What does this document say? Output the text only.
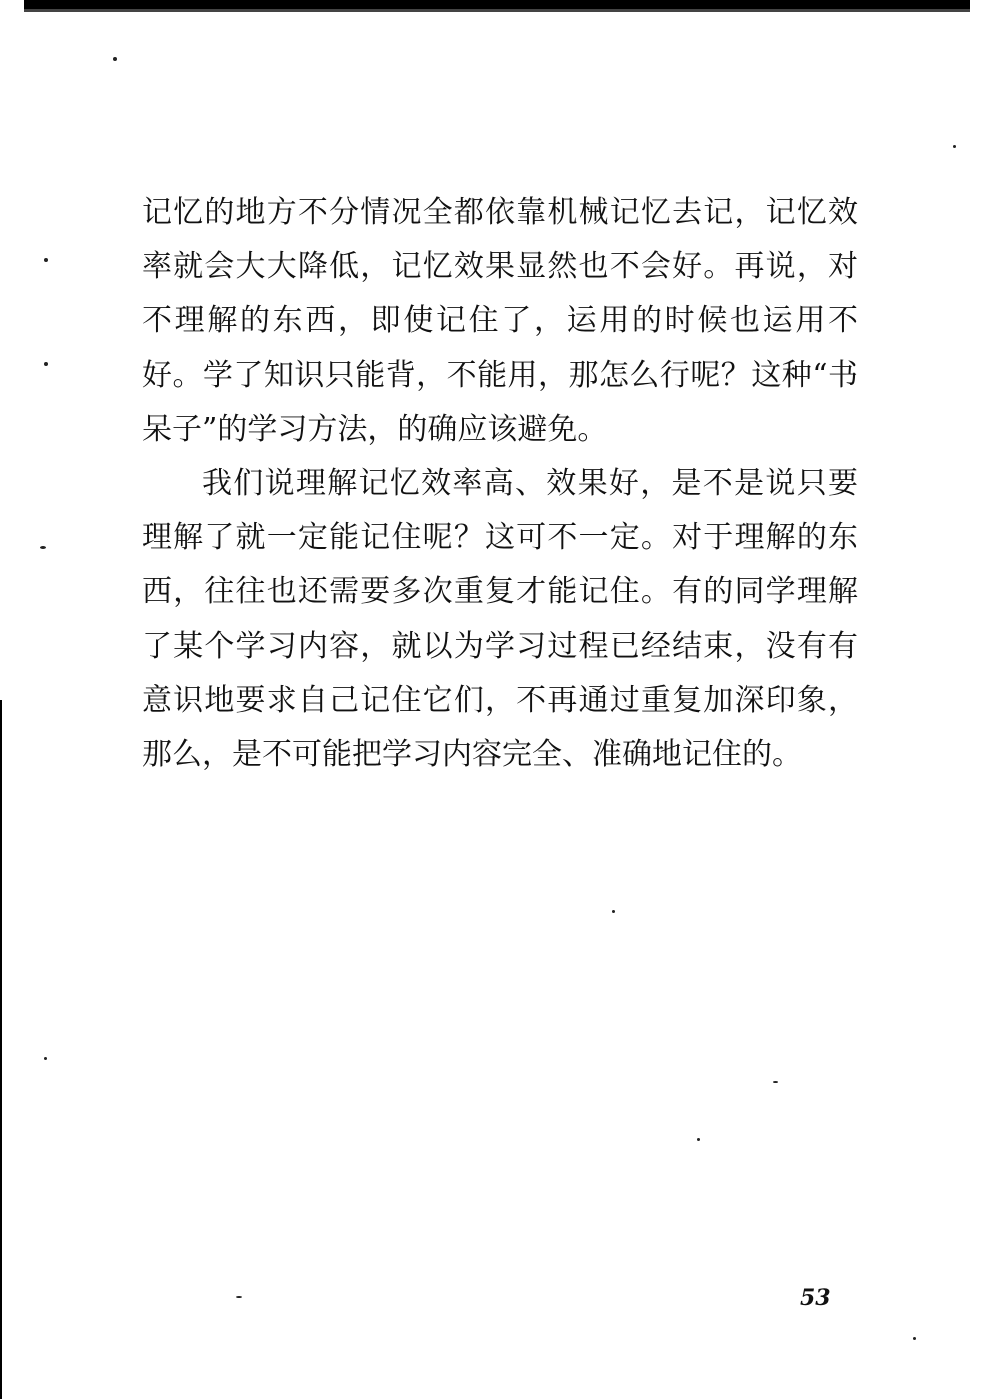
记忆的地方不分情况全都依靠机械记忆去记，记忆效率就会大大降低，记忆效果显然也不会好。再说，对不理解的东西，即使记住了，运用的时候也运用不好。学了知识只能背，不能用，那怎么行呢？这种“书呆子”的学习方法，的确应该避免。

我们说理解记忆效率高、效果好，是不是说只要理解了就一定能记住呢？这可不一定。对于理解的东西，往往也还需要多次重复才能记住。有的同学理解了某个学习内容，就以为学习过程已经结束，没有有意识地要求自己记住它们，不再通过重复加深印象，那么，是不可能把学习内容完全、准确地记住的。

53
